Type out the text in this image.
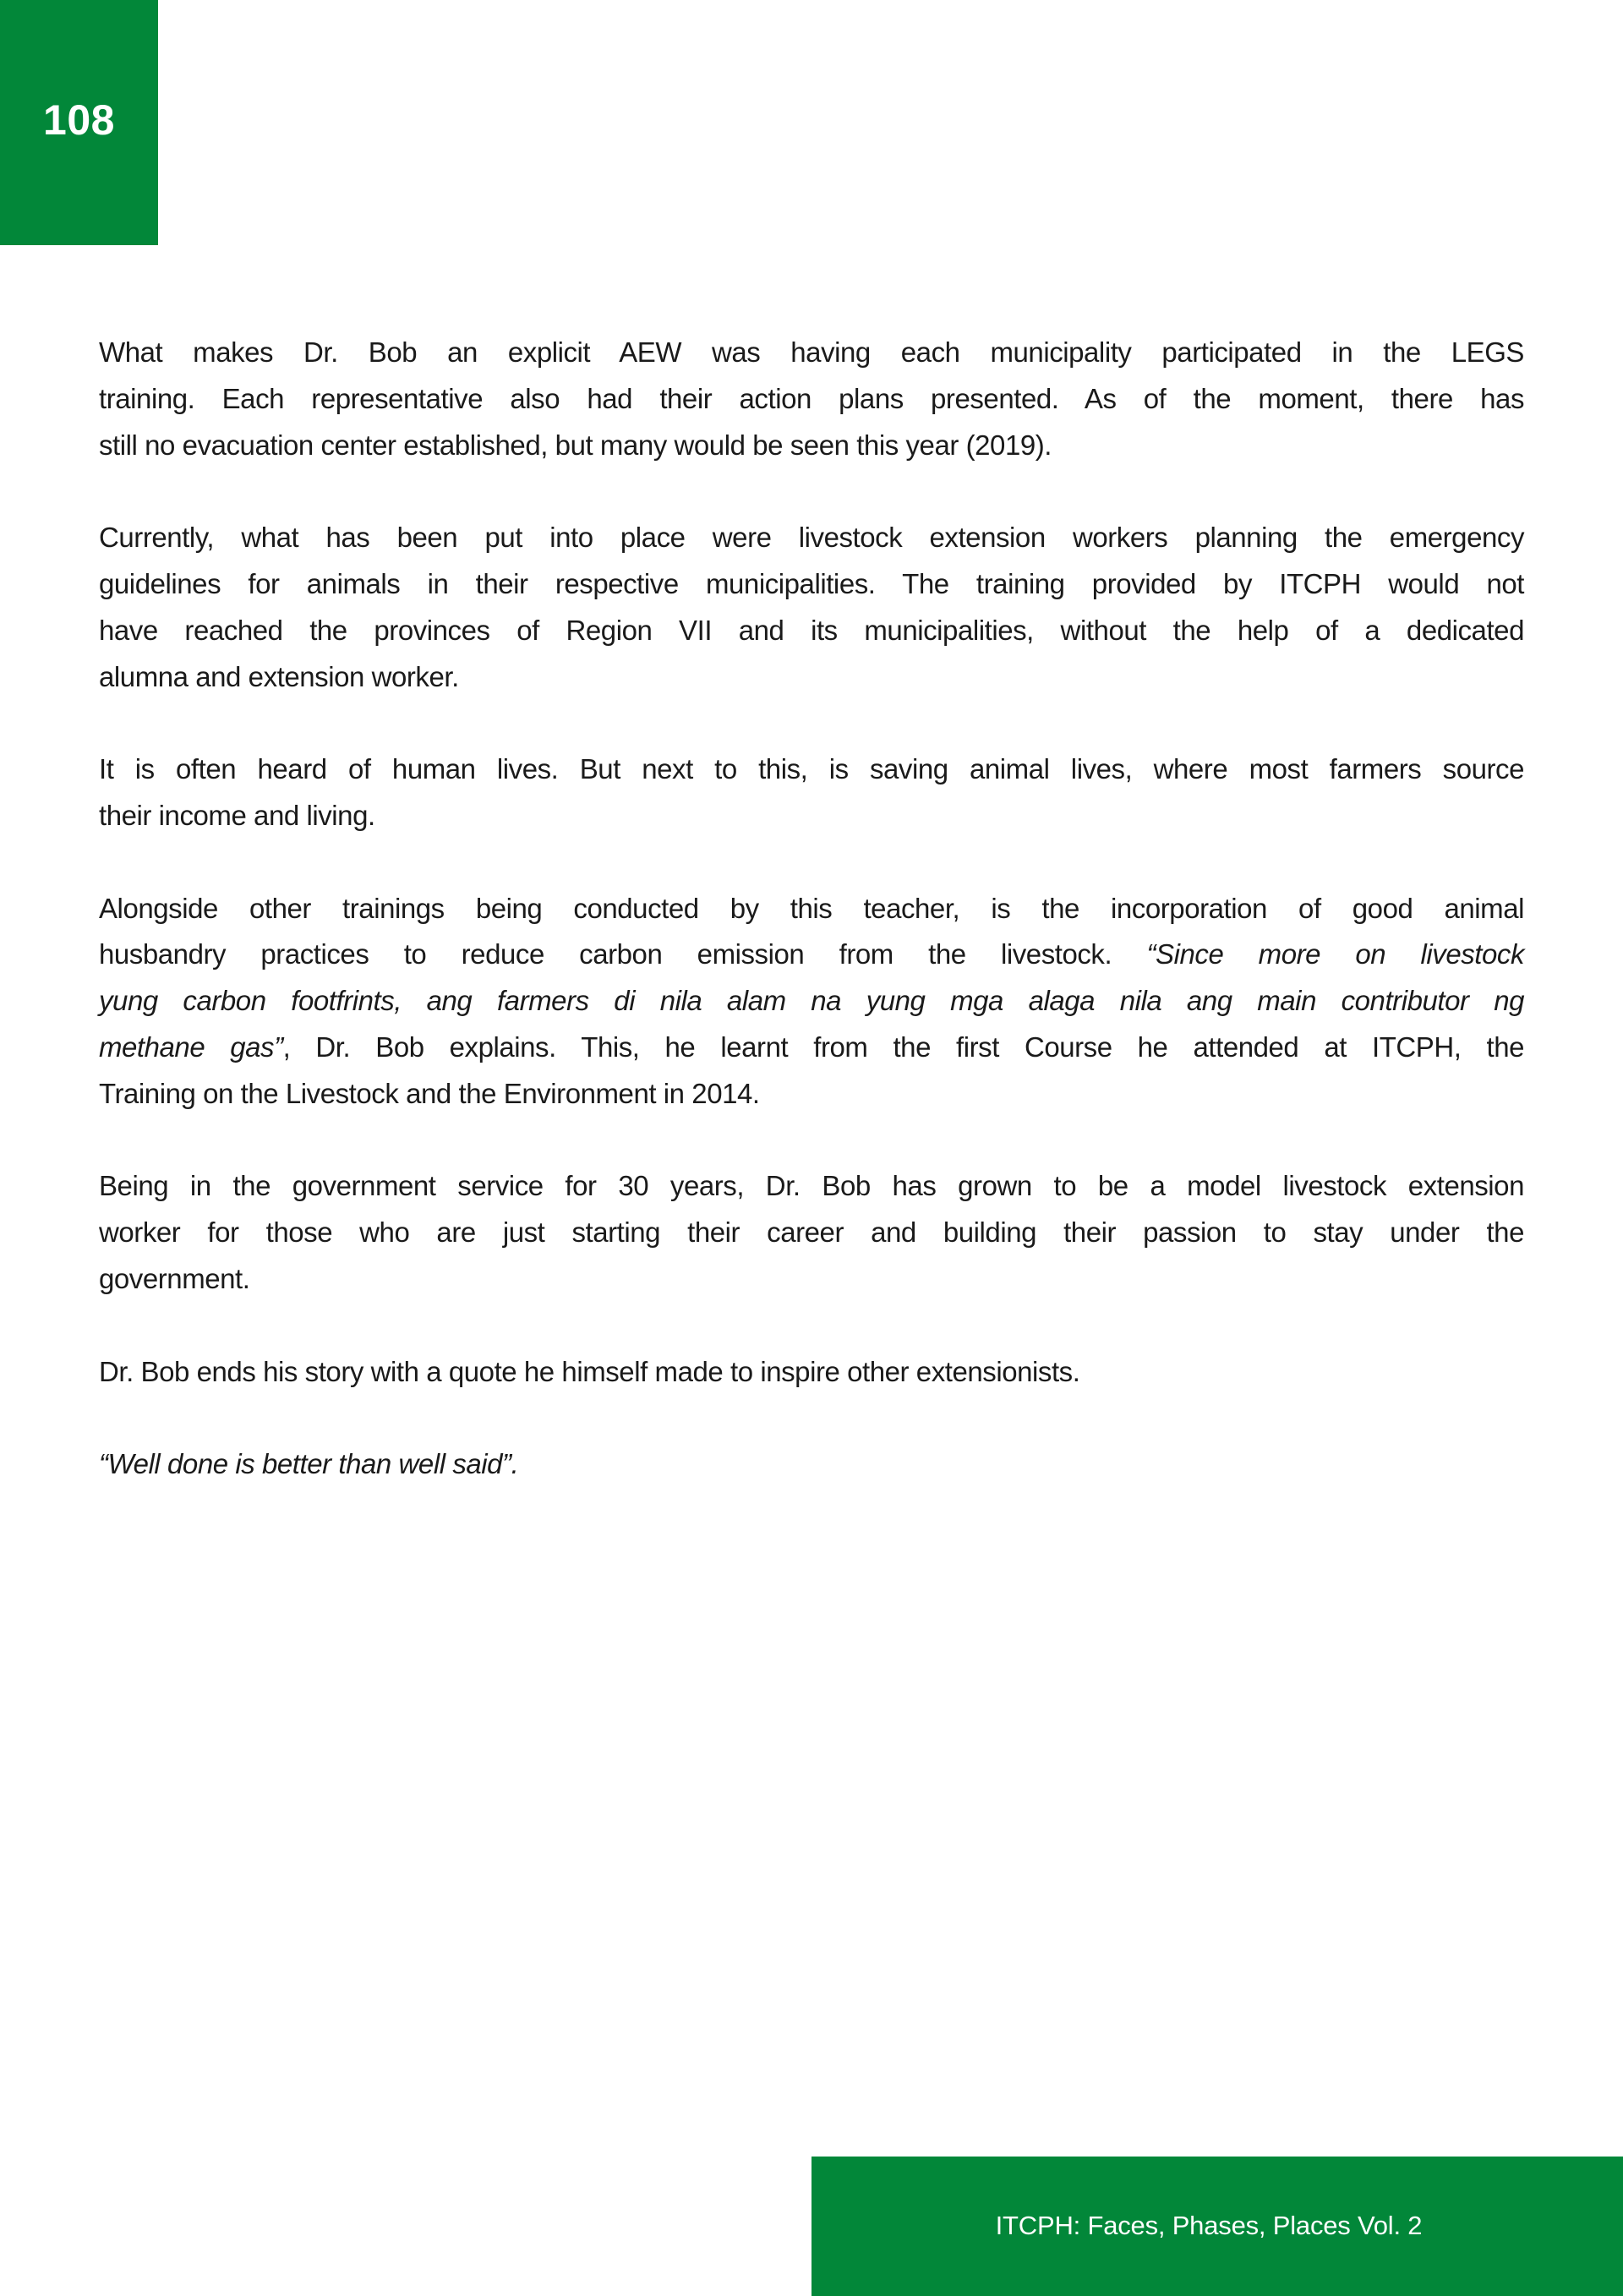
108

What makes Dr. Bob an explicit AEW was having each municipality participated in the LEGS
training. Each representative also had their action plans presented. As of the moment, there has
still no evacuation center established, but many would be seen this year (2019).

Currently, what has been put into place were livestock extension workers planning the emergency
guidelines for animals in their respective municipalities. The training provided by ITCPH would not
have reached the provinces of Region VII and its municipalities, without the help of a dedicated
alumna and extension worker.

It is often heard of human lives. But next to this, is saving animal lives, where most farmers source
their income and living.

Alongside other trainings being conducted by this teacher, is the incorporation of good animal
husbandry practices to reduce carbon emission from the livestock. “Since more on livestock
yung carbon footfrints, ang farmers di nila alam na yung mga alaga nila ang main contributor ng
methane gas”, Dr. Bob explains. This, he learnt from the first Course he attended at ITCPH, the
Training on the Livestock and the Environment in 2014.

Being in the government service for 30 years, Dr. Bob has grown to be a model livestock extension
worker for those who are just starting their career and building their passion to stay under the
government.

Dr. Bob ends his story with a quote he himself made to inspire other extensionists.

“Well done is better than well said”.

ITCPH: Faces, Phases, Places Vol. 2
